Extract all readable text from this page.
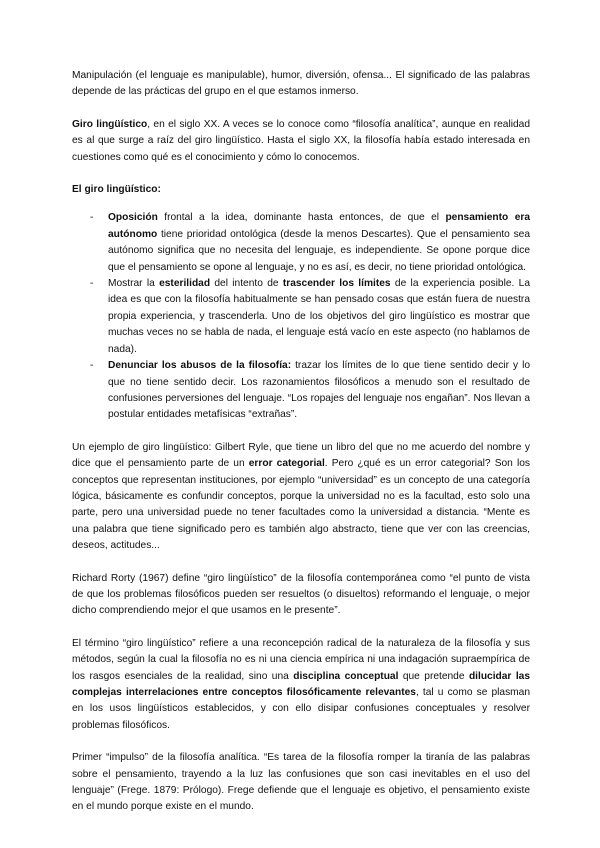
Manipulación (el lenguaje es manipulable), humor, diversión, ofensa... El significado de las palabras depende de las prácticas del grupo en el que estamos inmerso.

Giro lingüístico, en el siglo XX. A veces se lo conoce como “filosofía analítica”, aunque en realidad es al que surge a raíz del giro lingüístico. Hasta el siglo XX, la filosofía había estado interesada en cuestiones como qué es el conocimiento y cómo lo conocemos.

El giro lingüístico:

- Oposición frontal a la idea, dominante hasta entonces, de que el pensamiento era autónomo tiene prioridad ontológica (desde la menos Descartes). Que el pensamiento sea autónomo significa que no necesita del lenguaje, es independiente. Se opone porque dice que el pensamiento se opone al lenguaje, y no es así, es decir, no tiene prioridad ontológica.
- Mostrar la esterilidad del intento de trascender los límites de la experiencia posible. La idea es que con la filosofía habitualmente se han pensado cosas que están fuera de nuestra propia experiencia, y trascenderla. Uno de los objetivos del giro lingüístico es mostrar que muchas veces no se habla de nada, el lenguaje está vacío en este aspecto (no hablamos de nada).
- Denunciar los abusos de la filosofía: trazar los límites de lo que tiene sentido decir y lo que no tiene sentido decir. Los razonamientos filosóficos a menudo son el resultado de confusiones perversiones del lenguaje. “Los ropajes del lenguaje nos engañan”. Nos llevan a postular entidades metafísicas “extrañas”.

Un ejemplo de giro lingüístico: Gilbert Ryle, que tiene un libro del que no me acuerdo del nombre y dice que el pensamiento parte de un error categorial. Pero ¿qué es un error categorial? Son los conceptos que representan instituciones, por ejemplo “universidad” es un concepto de una categoría lógica, básicamente es confundir conceptos, porque la universidad no es la facultad, esto solo una parte, pero una universidad puede no tener facultades como la universidad a distancia. “Mente es una palabra que tiene significado pero es también algo abstracto, tiene que ver con las creencias, deseos, actitudes...

Richard Rorty (1967) define “giro lingüístico” de la filosofía contemporánea como “el punto de vista de que los problemas filosóficos pueden ser resueltos (o disueltos) reformando el lenguaje, o mejor dicho comprendiendo mejor el que usamos en le presente”.

El término “giro lingüístico” refiere a una reconcepción radical de la naturaleza de la filosofía y sus métodos, según la cual la filosofía no es ni una ciencia empírica ni una indagación supraempírica de los rasgos esenciales de la realidad, sino una disciplina conceptual que pretende dilucidar las complejas interrelaciones entre conceptos filosóficamente relevantes, tal u como se plasman en los usos lingüísticos establecidos, y con ello disipar confusiones conceptuales y resolver problemas filosóficos.

Primer “impulso” de la filosofía analítica. “Es tarea de la filosofía romper la tiranía de las palabras sobre el pensamiento, trayendo a la luz las confusiones que son casi inevitables en el uso del lenguaje” (Frege. 1879: Prólogo). Frege defiende que el lenguaje es objetivo, el pensamiento existe en el mundo porque existe en el mundo.
